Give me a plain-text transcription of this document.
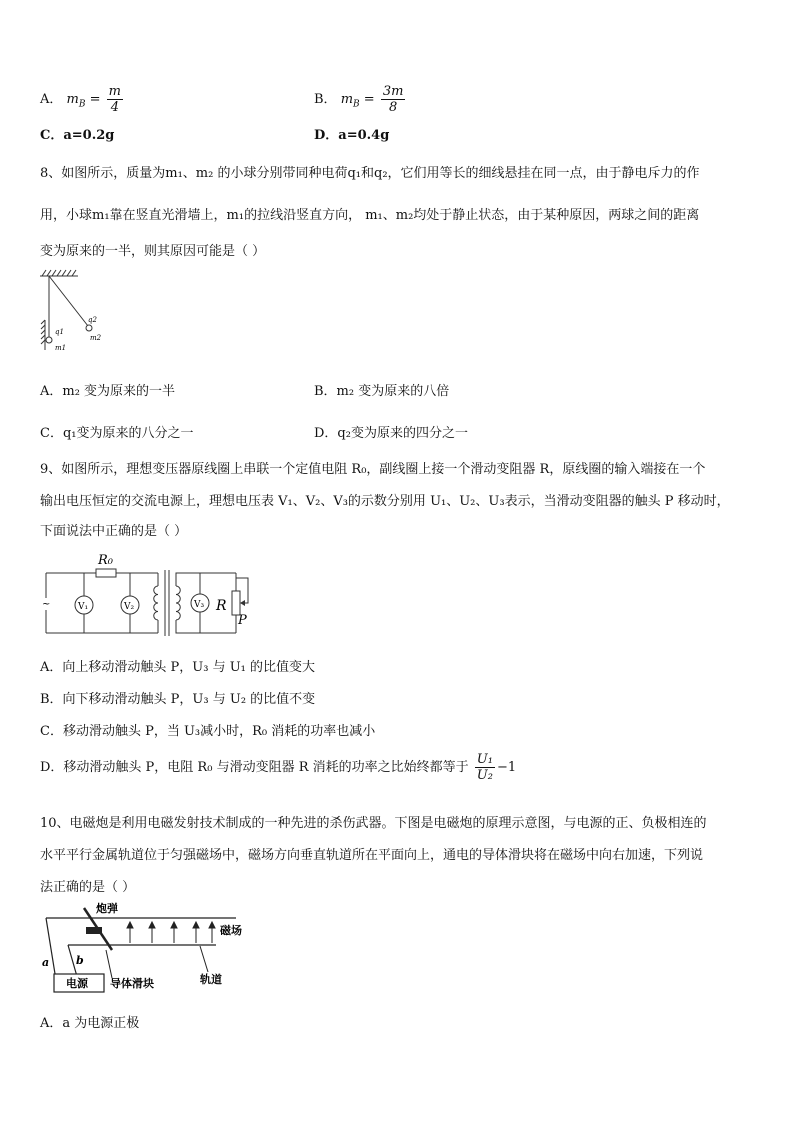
A． $m_B = \frac{m}{4}$	B． $m_B = \frac{3m}{8}$
C．a=0.2g	D．a=0.4g
8、如图所示，质量为m₁、m₂ 的小球分别带同种电荷q₁和q₂，它们用等长的细线悬挂在同一点，由于静电斥力的作
用，小球m₁靠在竖直光滑墙上，m₁的拉线沿竖直方向， m₁、m₂均处于静止状态，由于某种原因，两球之间的距离
变为原来的一半，则其原因可能是（ ）
q1
m1
q2
m2
A．m₂ 变为原来的一半	B．m₂ 变为原来的八倍
C．q₁变为原来的八分之一	D．q₂变为原来的四分之一
9、如图所示，理想变压器原线圈上串联一个定值电阻 R₀，副线圈上接一个滑动变阻器 R，原线圈的输入端接在一个
输出电压恒定的交流电源上，理想电压表 V₁、V₂、V₃的示数分别用 U₁、U₂、U₃表示，当滑动变阻器的触头 P 移动时，
下面说法中正确的是（ ）
V₁	V₂	V₃
R₀
R
P
~
A．向上移动滑动触头 P，U₃ 与 U₁ 的比值变大
B．向下移动滑动触头 P，U₃ 与 U₂ 的比值不变
C．移动滑动触头 P，当 U₃减小时，R₀ 消耗的功率也减小
D．移动滑动触头 P，电阻 R₀ 与滑动变阻器 R 消耗的功率之比始终都等于 $\frac{\text{U₁}}{\text{U₂}} -1$
10、电磁炮是利用电磁发射技术制成的一种先进的杀伤武器。下图是电磁炮的原理示意图，与电源的正、负极相连的
水平平行金属轨道位于匀强磁场中，磁场方向垂直轨道所在平面向上，通电的导体滑块将在磁场中向右加速，下列说
法正确的是（ ）
炮弹
磁场
a b
电源 导体滑块	轨道
A．a 为电源正极
